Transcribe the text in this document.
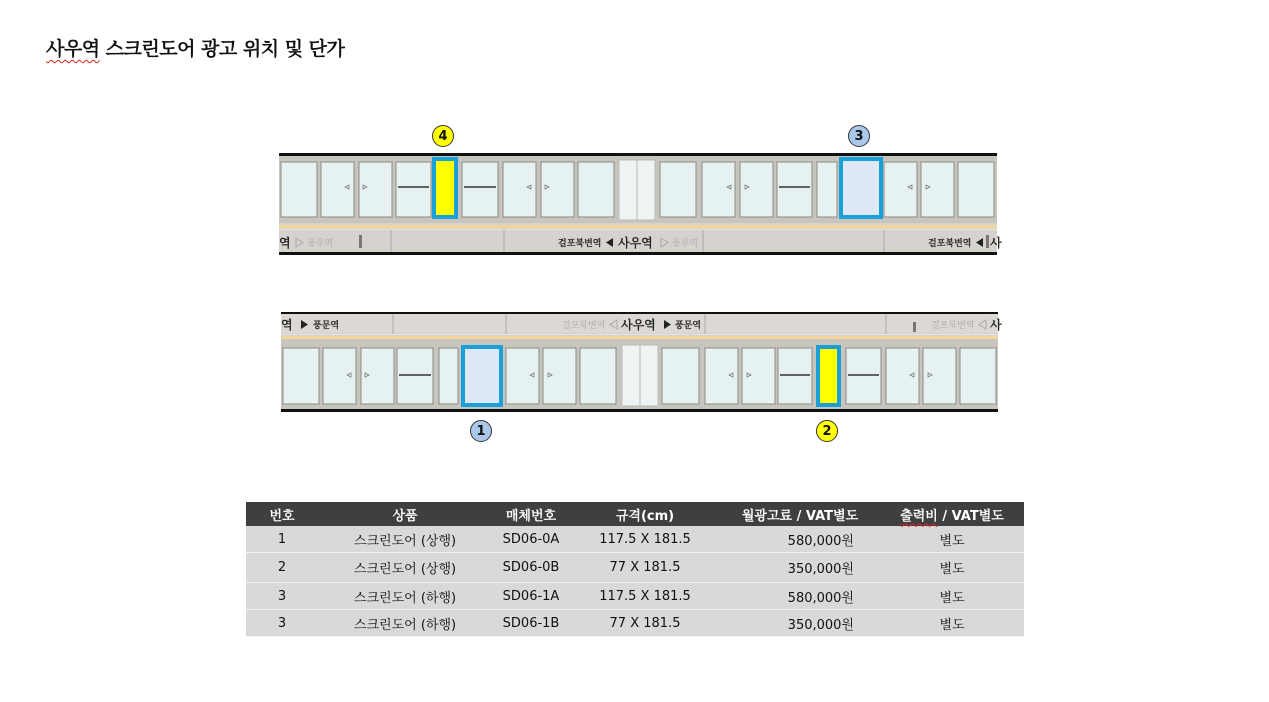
사우역 스크린도어 광고 위치 및 단가
4	3
역 풍무역	걸포북변역 사우역 풍무역	걸포북변역 사
역 풍문역	걸포북변역 사우역 풍문역	걸포북변역 사
1	2
번호	상품	매체번호	규격(cm)	월광고료 / VAT별도	출력비 / VAT별도
1	스크린도어 (상행)	SD06-0A	117.5 X 181.5	580,000원	별도
2	스크린도어 (상행)	SD06-0B	77 X 181.5	350,000원	별도
3	스크린도어 (하행)	SD06-1A	117.5 X 181.5	580,000원	별도
3	스크린도어 (하행)	SD06-1B	77 X 181.5	350,000원	별도
